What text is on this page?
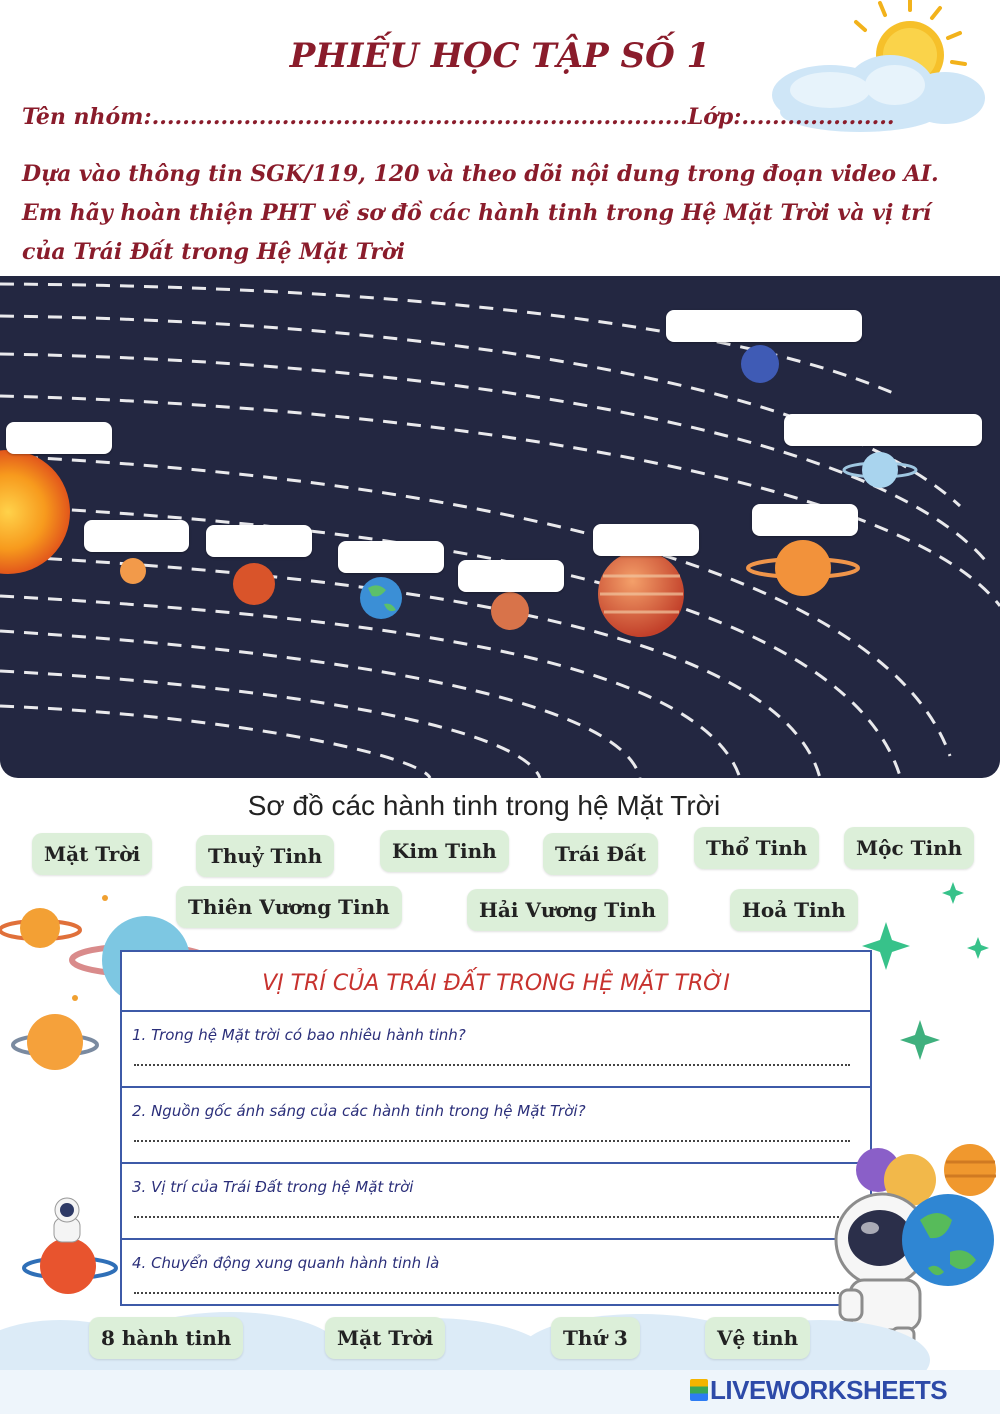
PHIẾU HỌC TẬP SỐ 1
Tên nhóm:......................................................................Lớp:....................
Dựa vào thông tin SGK/119, 120 và theo dõi nội dung trong đoạn video AI. Em hãy hoàn thiện PHT về sơ đồ các hành tinh trong Hệ Mặt Trời và vị trí của Trái Đất trong Hệ Mặt Trời
Sơ đồ các hành tinh trong hệ Mặt Trời
Mặt Trời	Thuỷ Tinh	Kim Tinh	Trái Đất	Thổ Tinh	Mộc Tinh
Thiên Vương Tinh	Hải Vương Tinh	Hoả Tinh
VỊ TRÍ CỦA TRÁI ĐẤT TRONG HỆ MẶT TRỜI
1. Trong hệ Mặt trời có bao nhiêu hành tinh?
2. Nguồn gốc ánh sáng của các hành tinh trong hệ Mặt Trời?
3. Vị trí của Trái Đất trong hệ Mặt trời
4. Chuyển động xung quanh hành tinh là
8 hành tinh	Mặt Trời	Thứ 3	Vệ tinh
LIVEWORKSHEETS
